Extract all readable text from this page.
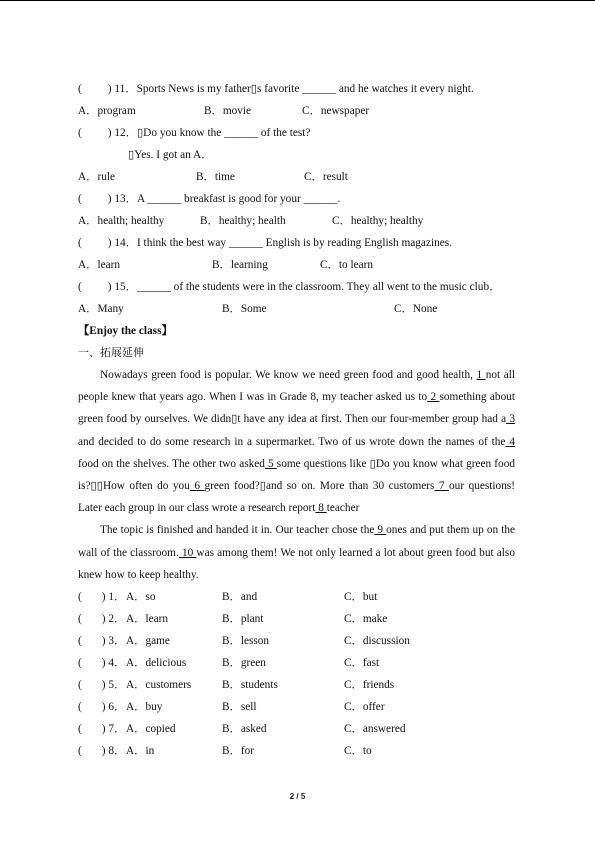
( ) 11．Sports News is my father▯s favorite ______ and he watches it every night.
A．program	B．movie	C．newspaper
( ) 12．▯Do you know the ______ of the test?
▯Yes. I got an A．
A．rule	B．time	C．result
( ) 13．A ______ breakfast is good for your ______.
A．health; healthy	B．healthy; health	C．healthy; healthy
( ) 14．I think the best way ______ English is by reading English magazines.
A．learn	B．learning	C．to learn
( ) 15．______ of the students were in the classroom. They all went to the music club．
A．Many	B．Some	C．None
【Enjoy the class】
一、拓展延伸
Nowadays green food is popular. We know we need green food and good health, 1 not all people knew that years ago. When I was in Grade 8, my teacher asked us to 2 something about green food by ourselves. We didn▯t have any idea at first. Then our four-member group had a 3 and decided to do some research in a supermarket. Two of us wrote down the names of the 4 food on the shelves. The other two asked 5 some questions like ▯Do you know what green food is?▯▯How often do you 6 green food?▯and so on. More than 30 customers 7 our questions! Later each group in our class wrote a research report 8 teacher
The topic is finished and handed it in. Our teacher chose the 9 ones and put them up on the wall of the classroom. 10 was among them! We not only learned a lot about green food but also knew how to keep healthy.
( ) 1． A．so	B．and	C．but
( ) 2． A．learn	B．plant	C．make
( ) 3． A．game	B．lesson	C．discussion
( ) 4． A．delicious	B．green	C．fast
( ) 5． A．customers	B．students	C．friends
( ) 6． A．buy	B．sell	C．offer
( ) 7． A．copied	B．asked	C．answered
( ) 8． A．in	B．for	C．to
2 / 5
